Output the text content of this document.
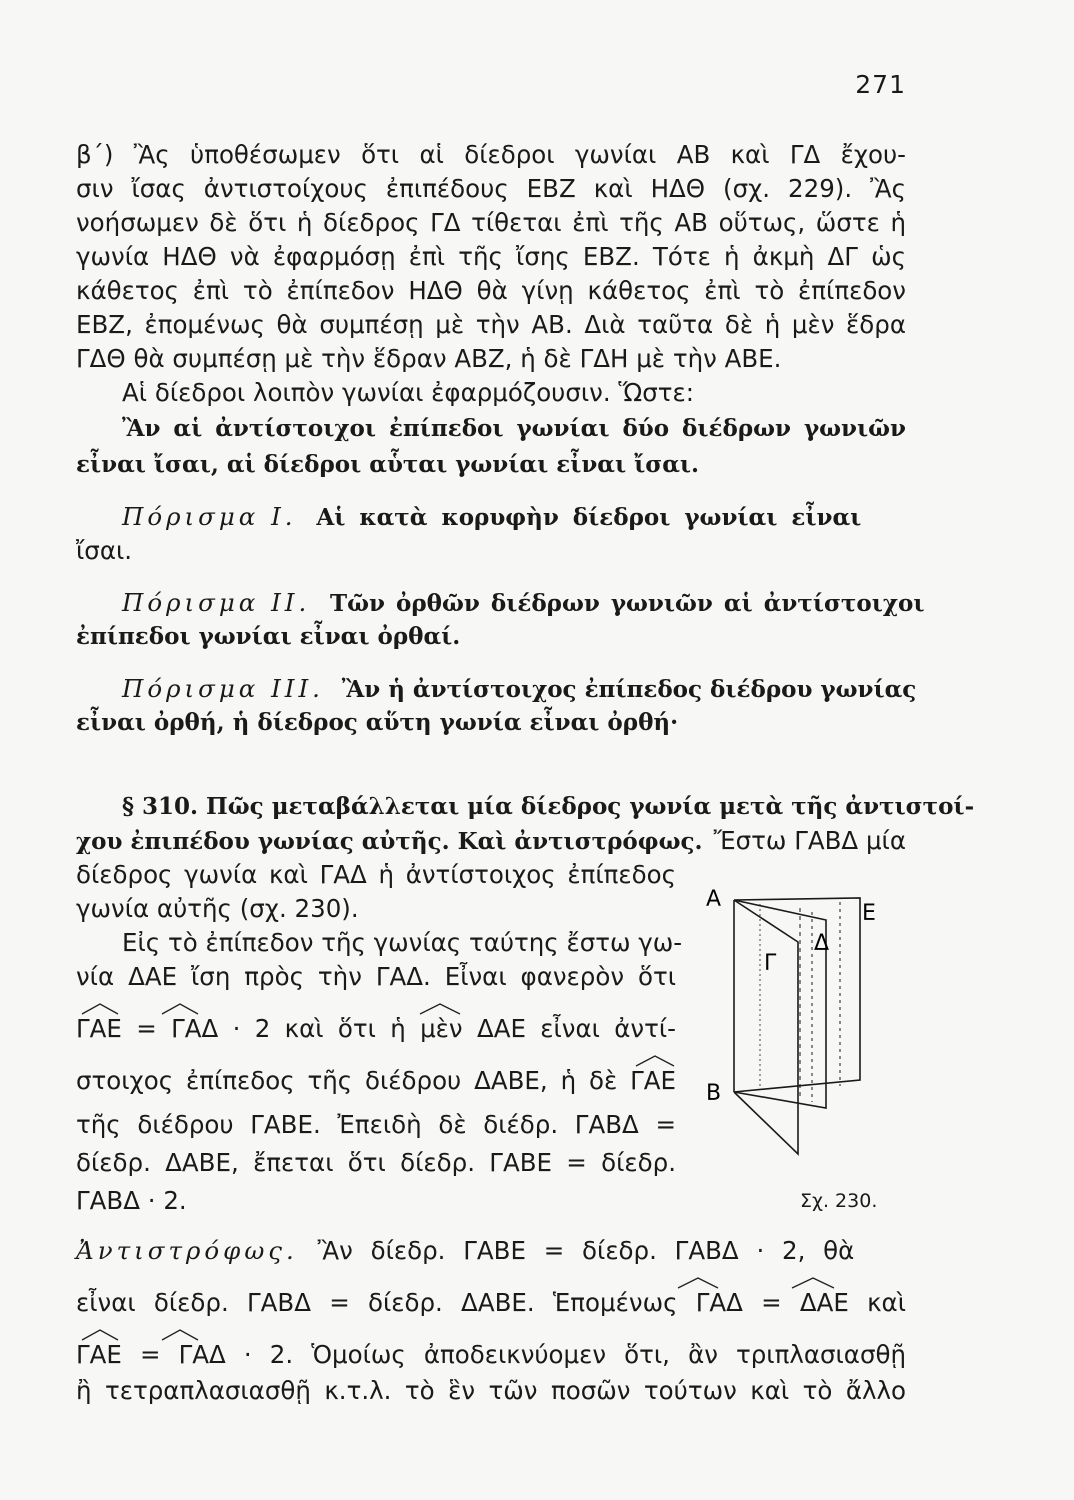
271
β΄) Ἂς ὑποθέσωμεν ὅτι αἱ δίεδροι γωνίαι ΑΒ καὶ ΓΔ ἔχου-
σιν ἴσας ἀντιστοίχους ἐπιπέδους ΕΒΖ καὶ ΗΔΘ (σχ. 229). Ἂς
νοήσωμεν δὲ ὅτι ἡ δίεδρος ΓΔ τίθεται ἐπὶ τῆς ΑΒ οὕτως, ὥστε ἡ
γωνία ΗΔΘ νὰ ἐφαρμόσῃ ἐπὶ τῆς ἴσης ΕΒΖ. Τότε ἡ ἀκμὴ ΔΓ ὡς
κάθετος ἐπὶ τὸ ἐπίπεδον ΗΔΘ θὰ γίνῃ κάθετος ἐπὶ τὸ ἐπίπεδον
ΕΒΖ, ἐπομένως θὰ συμπέσῃ μὲ τὴν ΑΒ. Διὰ ταῦτα δὲ ἡ μὲν ἕδρα
ΓΔΘ θὰ συμπέσῃ μὲ τὴν ἕδραν ΑΒΖ, ἡ δὲ ΓΔΗ μὲ τὴν ΑΒΕ.
Αἱ δίεδροι λοιπὸν γωνίαι ἐφαρμόζουσιν. Ὥστε:
Ἂν αἱ ἀντίστοιχοι ἐπίπεδοι γωνίαι δύο διέδρων γωνιῶν
εἶναι ἴσαι, αἱ δίεδροι αὗται γωνίαι εἶναι ἴσαι.
Πόρισμα Ι. Αἱ κατὰ κορυφὴν δίεδροι γωνίαι εἶναι
ἴσαι.
Πόρισμα ΙΙ. Τῶν ὀρθῶν διέδρων γωνιῶν αἱ ἀντίστοιχοι
ἐπίπεδοι γωνίαι εἶναι ὀρθαί.
Πόρισμα ΙΙΙ. Ἂν ἡ ἀντίστοιχος ἐπίπεδος διέδρου γωνίας
εἶναι ὀρθή, ἡ δίεδρος αὕτη γωνία εἶναι ὀρθή·
§ 310. Πῶς μεταβάλλεται μία δίεδρος γωνία μετὰ τῆς ἀντιστοί-
χου ἐπιπέδου γωνίας αὐτῆς. Καὶ ἀντιστρόφως. Ἔστω ΓΑΒΔ μία
δίεδρος γωνία καὶ ΓΑΔ ἡ ἀντίστοιχος ἐπίπεδος
γωνία αὐτῆς (σχ. 230).
Εἰς τὸ ἐπίπεδον τῆς γωνίας ταύτης ἔστω γω-
νία ΔΑΕ ἴση πρὸς τὴν ΓΑΔ. Εἶναι φανερὸν ὅτι
ΓΑΕ = ΓΑΔ · 2 καὶ ὅτι ἡ μὲν ΔΑΕ εἶναι ἀντί-
στοιχος ἐπίπεδος τῆς διέδρου ΔΑΒΕ, ἡ δὲ ΓΑΕ
τῆς διέδρου ΓΑΒΕ. Ἐπειδὴ δὲ διέδρ. ΓΑΒΔ =
δίεδρ. ΔΑΒΕ, ἔπεται ὅτι δίεδρ. ΓΑΒΕ = δίεδρ.
ΓΑΒΔ · 2.
Α
Ε
Δ
Γ
Β
Σχ. 230.
Ἀντιστρόφως. Ἂν δίεδρ. ΓΑΒΕ = δίεδρ. ΓΑΒΔ · 2, θὰ
εἶναι δίεδρ. ΓΑΒΔ = δίεδρ. ΔΑΒΕ. Ἑπομένως ΓΑΔ = ΔΑΕ καὶ
ΓΑΕ = ΓΑΔ · 2. Ὁμοίως ἀποδεικνύομεν ὅτι, ἂν τριπλασιασθῇ
ἢ τετραπλασιασθῇ κ.τ.λ. τὸ ἓν τῶν ποσῶν τούτων καὶ τὸ ἄλλο
